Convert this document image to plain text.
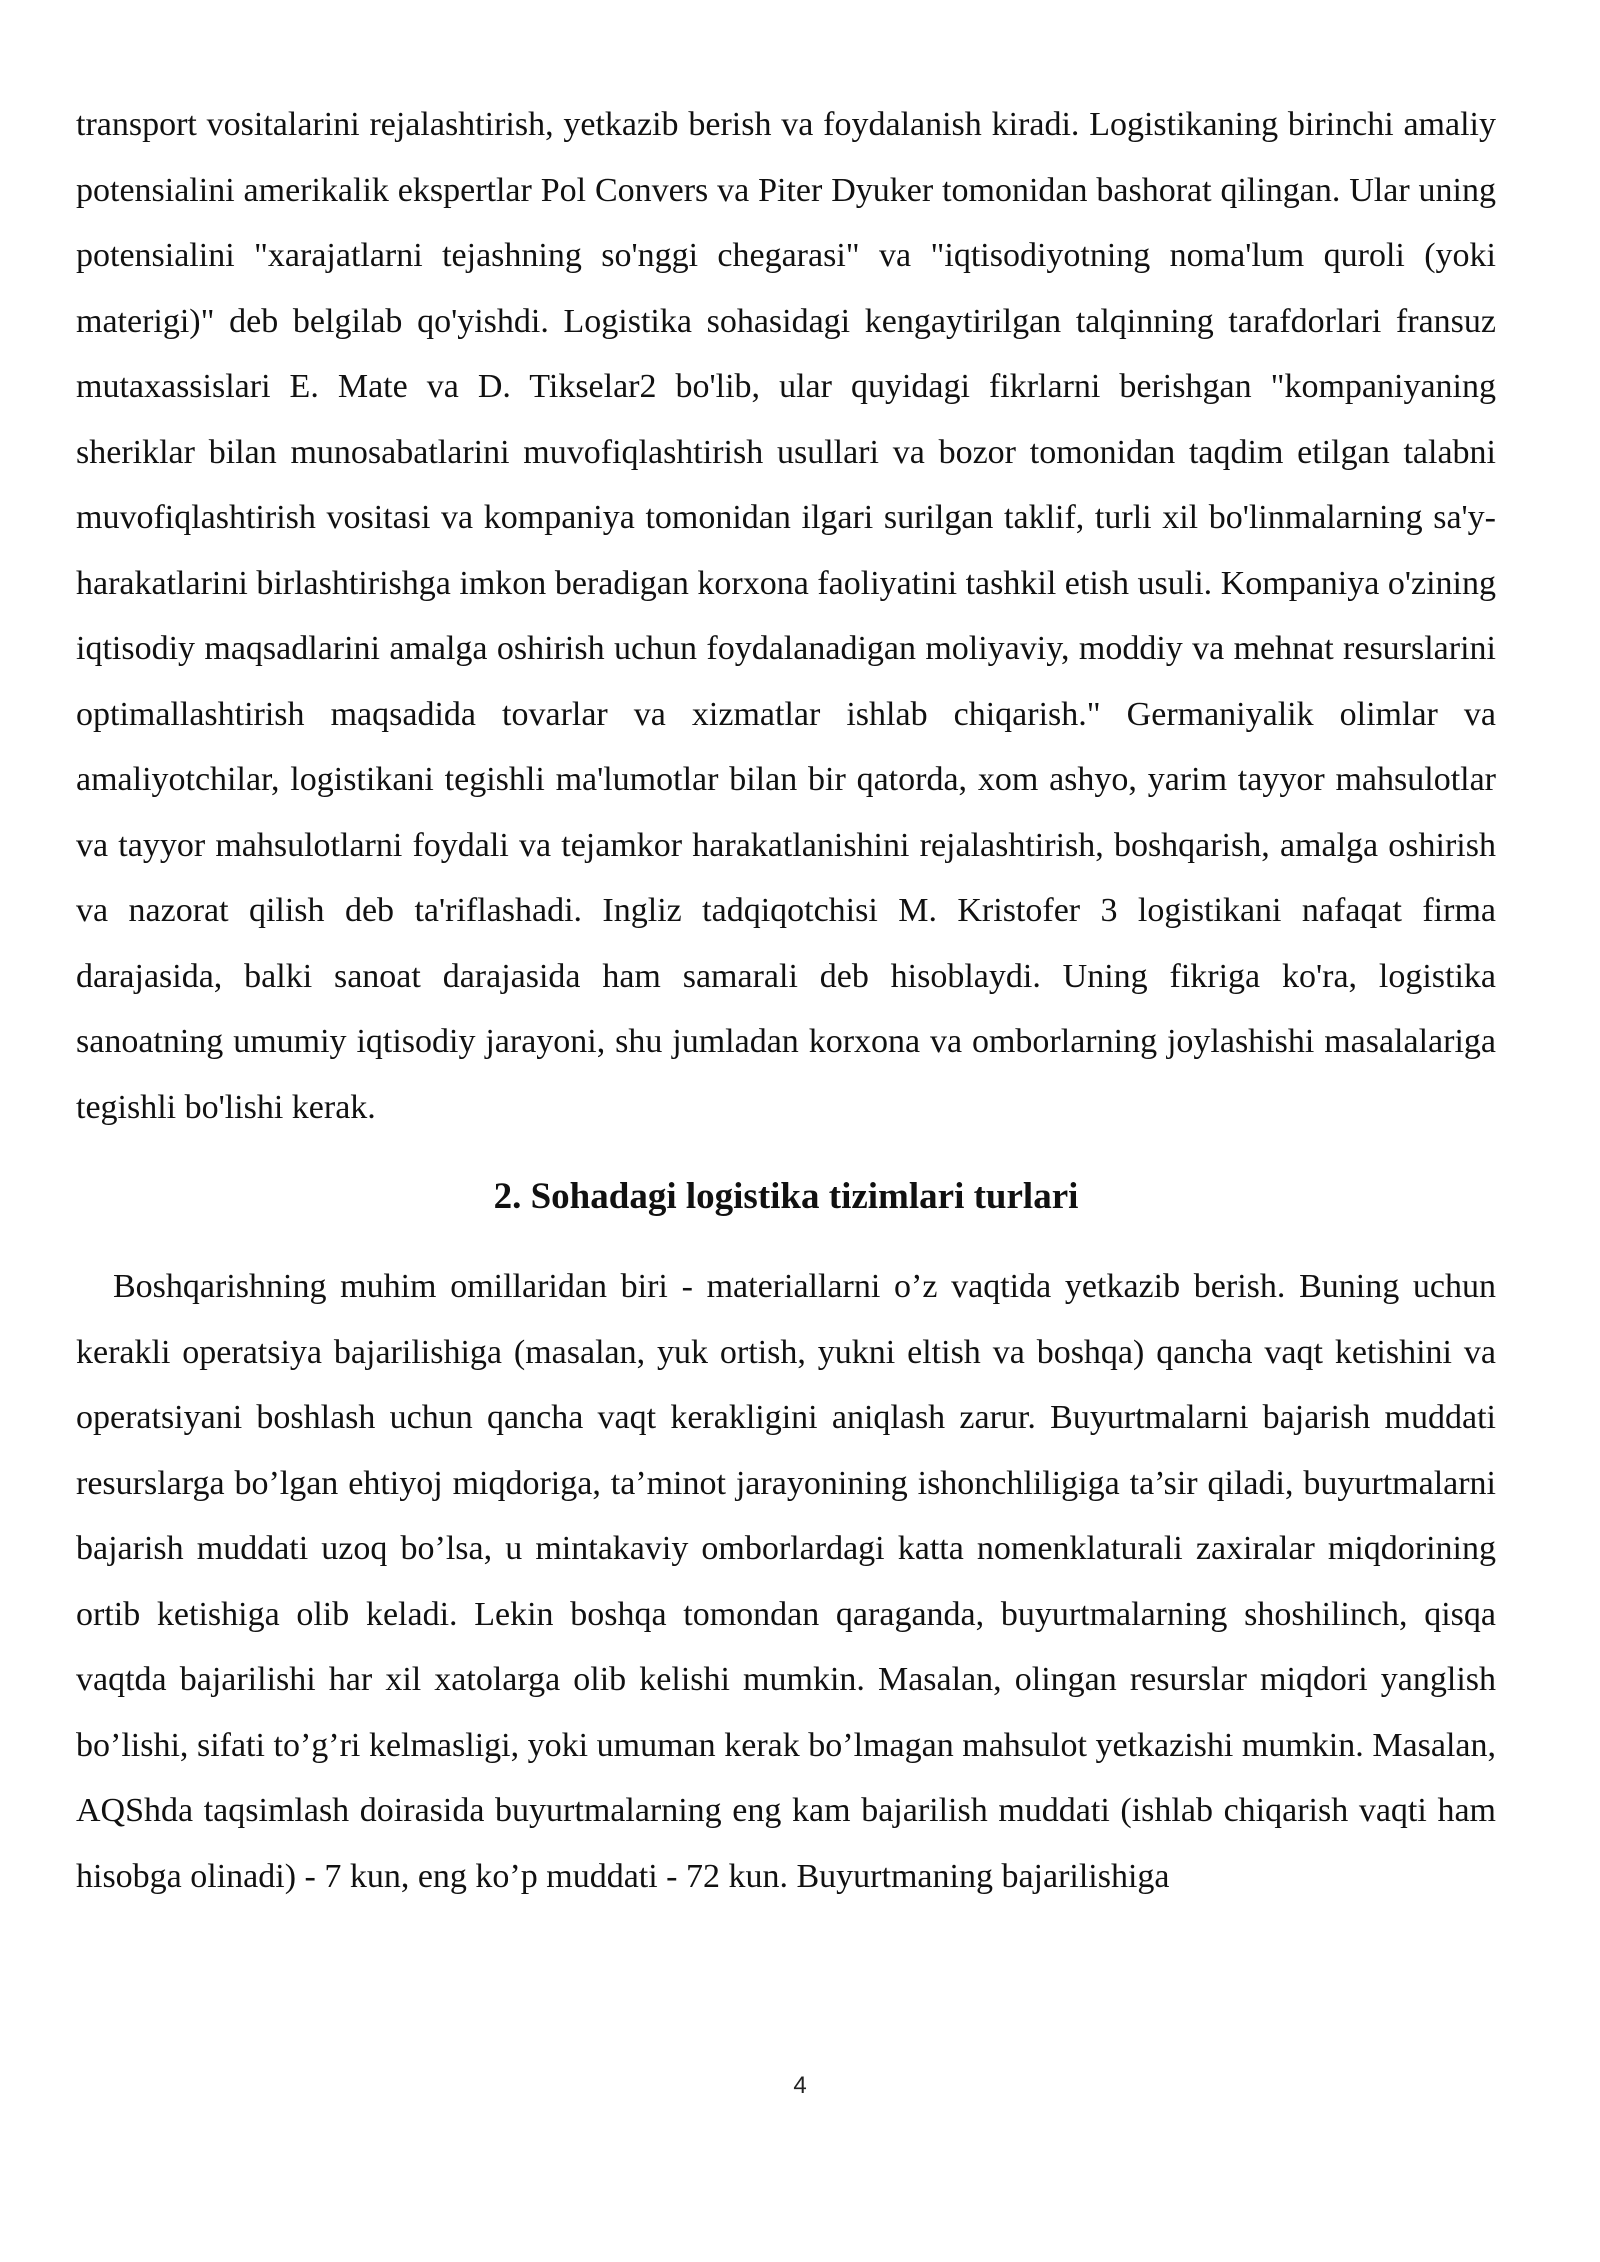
transport vositalarini rejalashtirish, yetkazib berish va foydalanish kiradi. Logistikaning birinchi amaliy potensialini amerikalik ekspertlar Pol Convers va Piter Dyuker tomonidan bashorat qilingan. Ular uning potensialini "xarajatlarni tejashning so'nggi chegarasi" va "iqtisodiyotning noma'lum quroli (yoki materigi)" deb belgilab qo'yishdi. Logistika sohasidagi kengaytirilgan talqinning tarafdorlari fransuz mutaxassislari E. Mate va D. Tikselar2 bo'lib, ular quyidagi fikrlarni berishgan "kompaniyaning sheriklar bilan munosabatlarini muvofiqlashtirish usullari va bozor tomonidan taqdim etilgan talabni muvofiqlashtirish vositasi va kompaniya tomonidan ilgari surilgan taklif, turli xil bo'linmalarning sa'y-harakatlarini birlashtirishga imkon beradigan korxona faoliyatini tashkil etish usuli. Kompaniya o'zining iqtisodiy maqsadlarini amalga oshirish uchun foydalanadigan moliyaviy, moddiy va mehnat resurslarini optimallashtirish maqsadida tovarlar va xizmatlar ishlab chiqarish." Germaniyalik olimlar va amaliyotchilar, logistikani tegishli ma'lumotlar bilan bir qatorda, xom ashyo, yarim tayyor mahsulotlar va tayyor mahsulotlarni foydali va tejamkor harakatlanishini rejalashtirish, boshqarish, amalga oshirish va nazorat qilish deb ta'riflashadi. Ingliz tadqiqotchisi M. Kristofer 3 logistikani nafaqat firma darajasida, balki sanoat darajasida ham samarali deb hisoblaydi. Uning fikriga ko'ra, logistika sanoatning umumiy iqtisodiy jarayoni, shu jumladan korxona va omborlarning joylashishi masalalariga tegishli bo'lishi kerak.

2. Sohadagi logistika tizimlari turlari

Boshqarishning muhim omillaridan biri - materiallarni o’z vaqtida yetkazib berish. Buning uchun kerakli operatsiya bajarilishiga (masalan, yuk ortish, yukni eltish va boshqa) qancha vaqt ketishini va operatsiyani boshlash uchun qancha vaqt kerakligini aniqlash zarur. Buyurtmalarni bajarish muddati resurslarga bo’lgan ehtiyoj miqdoriga, ta’minot jarayonining ishonchliligiga ta’sir qiladi, buyurtmalarni bajarish muddati uzoq bo’lsa, u mintakaviy omborlardagi katta nomenklaturali zaxiralar miqdorining ortib ketishiga olib keladi. Lekin boshqa tomondan qaraganda, buyurtmalarning shoshilinch, qisqa vaqtda bajarilishi har xil xatolarga olib kelishi mumkin. Masalan, olingan resurslar miqdori yanglish bo’lishi, sifati to’g’ri kelmasligi, yoki umuman kerak bo’lmagan mahsulot yetkazishi mumkin. Masalan, AQShda taqsimlash doirasida buyurtmalarning eng kam bajarilish muddati (ishlab chiqarish vaqti ham hisobga olinadi) - 7 kun, eng ko’p muddati - 72 kun. Buyurtmaning bajarilishiga

4
